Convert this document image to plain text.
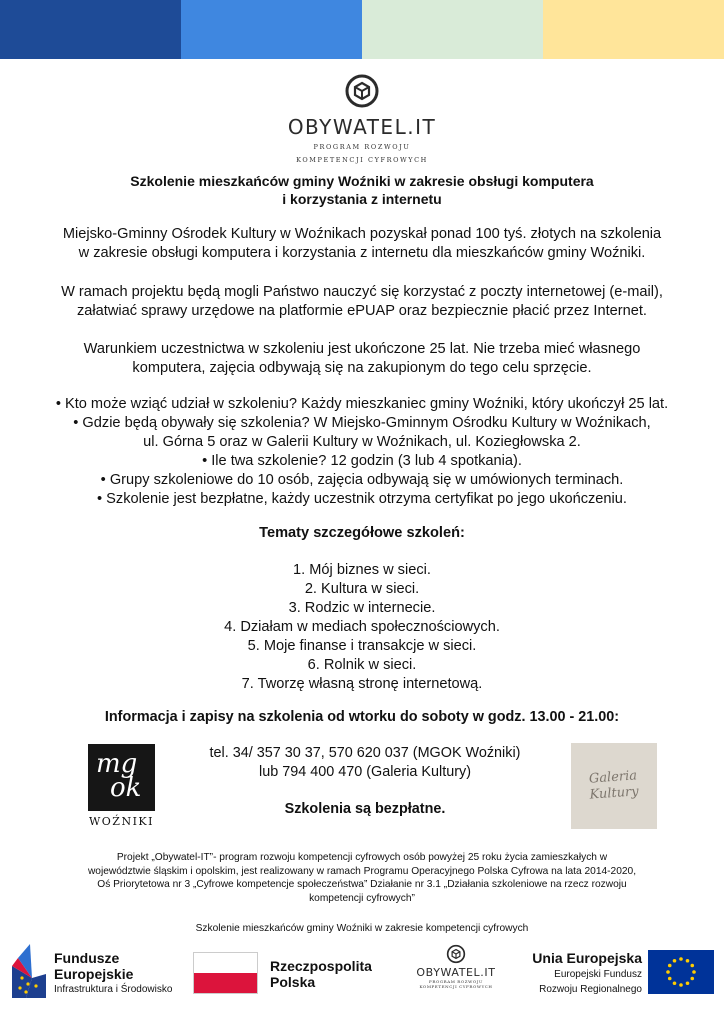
OBYWATEL.IT
PROGRAM ROZWOJU
KOMPETENCJI CYFROWYCH
Szkolenie mieszkańców gminy Woźniki w zakresie obsługi komputera
i korzystania z internetu
Miejsko-Gminny Ośrodek Kultury w Woźnikach pozyskał ponad 100 tyś. złotych na szkolenia
w zakresie obsługi komputera i korzystania z internetu dla mieszkańców gminy Woźniki.
W ramach projektu będą mogli Państwo nauczyć się korzystać z poczty internetowej (e-mail),
załatwiać sprawy urzędowe na platformie ePUAP oraz bezpiecznie płacić przez Internet.
Warunkiem uczestnictwa w szkoleniu jest ukończone 25 lat. Nie trzeba mieć własnego
komputera, zajęcia odbywają się na zakupionym do tego celu sprzęcie.
• Kto może wziąć udział w szkoleniu? Każdy mieszkaniec gminy Woźniki, który ukończył 25 lat.
• Gdzie będą obywały się szkolenia? W Miejsko-Gminnym Ośrodku Kultury w Woźnikach,
ul. Górna 5 oraz w Galerii Kultury w Woźnikach, ul. Koziegłowska 2.
• Ile twa szkolenie? 12 godzin (3 lub 4 spotkania).
• Grupy szkoleniowe do 10 osób, zajęcia odbywają się w umówionych terminach.
• Szkolenie jest bezpłatne, każdy uczestnik otrzyma certyfikat po jego ukończeniu.
Tematy szczegółowe szkoleń:
1. Mój biznes w sieci.
2. Kultura w sieci.
3. Rodzic w internecie.
4. Działam w mediach społecznościowych.
5. Moje finanse i transakcje w sieci.
6. Rolnik w sieci.
7. Tworzę własną stronę internetową.
Informacja i zapisy na szkolenia od wtorku do soboty w godz. 13.00 - 21.00:
mg
ok
WOŹNIKI
tel. 34/ 357 30 37, 570 620 037 (MGOK Woźniki)
lub 794 400 470 (Galeria Kultury)
Szkolenia są bezpłatne.
Galeria
Kultury
Projekt „Obywatel-IT”- program rozwoju kompetencji cyfrowych osób powyżej 25 roku życia zamieszkałych w
województwie śląskim i opolskim, jest realizowany w ramach Programu Operacyjnego Polska Cyfrowa na lata 2014-2020,
Oś Priorytetowa nr 3 „Cyfrowe kompetencje społeczeństwa” Działanie nr 3.1 „Działania szkoleniowe na rzecz rozwoju
kompetencji cyfrowych”
Szkolenie mieszkańców gminy Woźniki w zakresie kompetencji cyfrowych
Fundusze
Europejskie
Infrastruktura i Środowisko
Rzeczpospolita
Polska
OBYWATEL.IT
PROGRAM ROZWOJU
KOMPETENCJI CYFROWYCH
Unia Europejska
Europejski Fundusz
Rozwoju Regionalnego
